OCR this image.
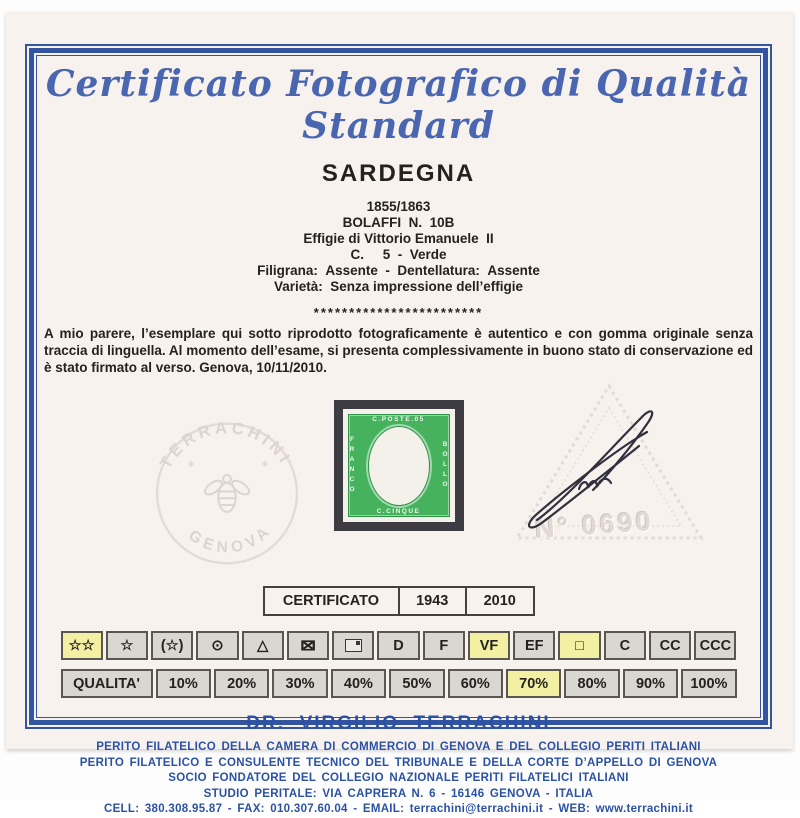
Certificato Fotografico di Qualità Standard
SARDEGNA
1855/1863
BOLAFFI  N.  10B
Effigie di Vittorio Emanuele  II
C.     5  -  Verde
Filigrana:  Assente  -  Dentellatura:  Assente
Varietà:  Senza impressione dell’effigie
************************

A mio parere, l’esemplare qui sotto riprodotto fotograficamente è autentico e con gomma originale senza traccia di linguella. Al momento dell’esame, si presenta complessivamente in buono stato di conservazione ed è stato firmato al verso. Genova, 10/11/2010.

TERRACHINI
GENOVA
✶	✶
C.POSTE.05
FRANCO	BOLLO
C.CINQUE	N° 0690
CERTIFICATO	1943	2010
☆☆	☆	(☆)	⊙	△	⊠	D	F	VF	EF	□	C	CC	CCC
QUALITA'	10%	20%	30%	40%	50%	60%	70%	80%	90%	100%
DR.  VIRGILIO  TERRACHINI
PERITO FILATELICO DELLA CAMERA DI COMMERCIO DI GENOVA E DEL COLLEGIO PERITI ITALIANI
PERITO FILATELICO E CONSULENTE TECNICO DEL TRIBUNALE E DELLA CORTE D’APPELLO DI GENOVA
SOCIO FONDATORE DEL COLLEGIO NAZIONALE PERITI FILATELICI ITALIANI
STUDIO PERITALE: VIA CAPRERA N. 6 - 16146 GENOVA - ITALIA
CELL: 380.308.95.87 - FAX: 010.307.60.04 - EMAIL: terrachini@terrachini.it - WEB: www.terrachini.it
